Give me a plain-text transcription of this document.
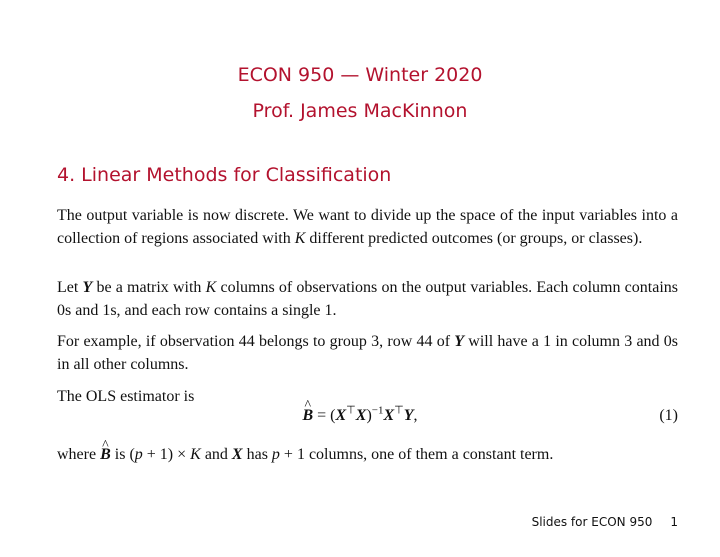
ECON 950 — Winter 2020
Prof. James MacKinnon
4. Linear Methods for Classification
The output variable is now discrete. We want to divide up the space of the input variables into a collection of regions associated with K different predicted outcomes (or groups, or classes).
Let Y be a matrix with K columns of observations on the output variables. Each column contains 0s and 1s, and each row contains a single 1.
For example, if observation 44 belongs to group 3, row 44 of Y will have a 1 in column 3 and 0s in all other columns.
The OLS estimator is
^ $B = (X^⊤X)^{-1}X^⊤Y$,	(1)
where ^ B is (p + 1) × K and X has p + 1 columns, one of them a constant term.
Slides for ECON 950 1
